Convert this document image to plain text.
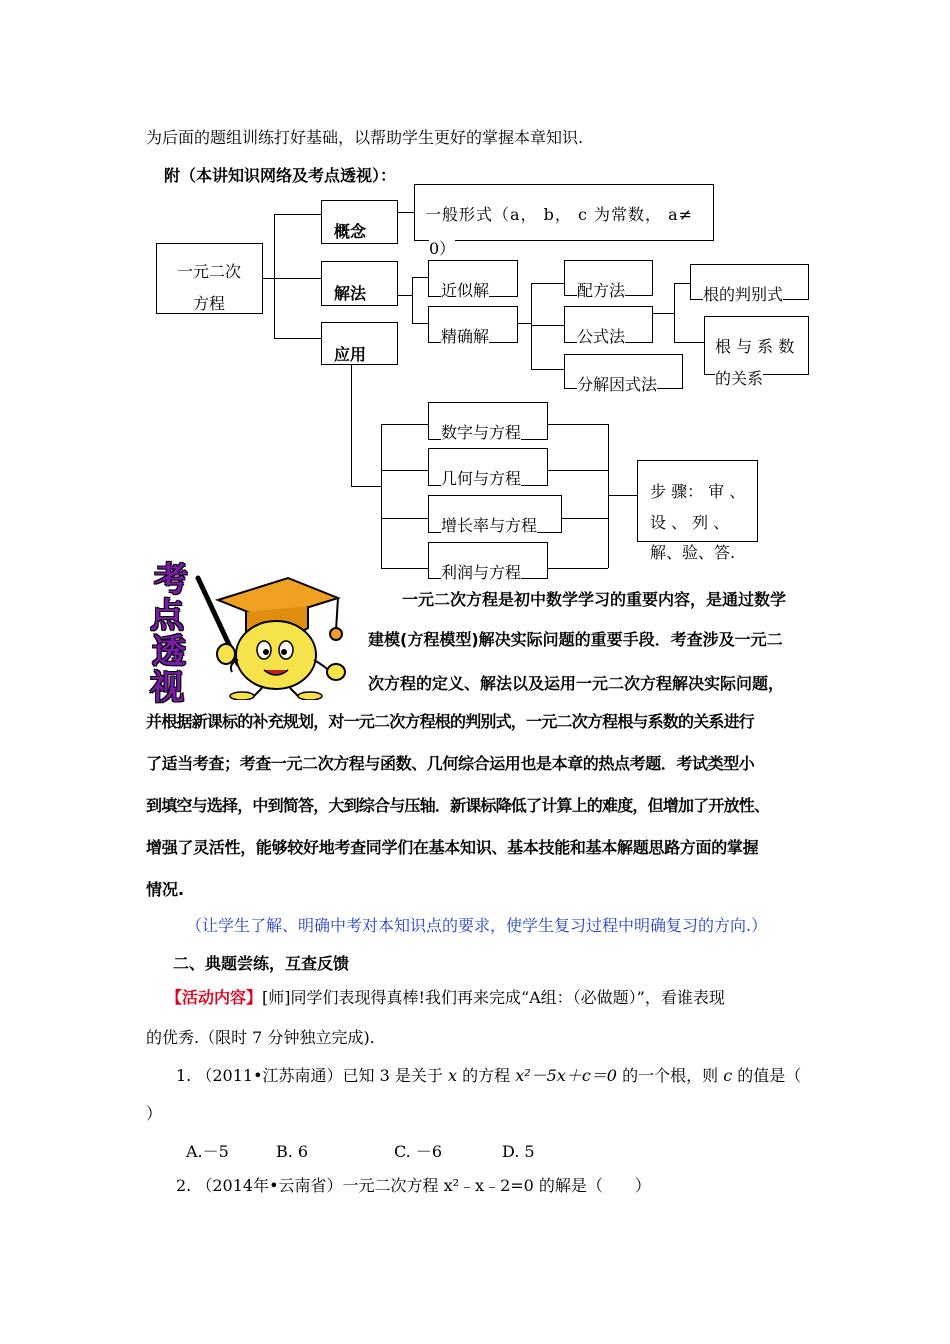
为后面的题组训练打好基础，以帮助学生更好的掌握本章知识.
附（本讲知识网络及考点透视）：
一元二次
方程
概念
一般形式（a， b， c 为常数， a≠
0）
解法	近似解
精确解
配方法
公式法
分解因式法
根的判别式
根 与 系 数
的关系
应用
数字与方程
几何与方程
增长率与方程
利润与方程
步 骤： 审 、
设 、 列 、
解、验、答.
考
点
透
视
一元二次方程是初中数学学习的重要内容，是通过数学
建模(方程模型)解决实际问题的重要手段．考查涉及一元二
次方程的定义、解法以及运用一元二次方程解决实际问题，
并根据新课标的补充规划，对一元二次方程根的判别式，一元二次方程根与系数的关系进行
了适当考查；考查一元二次方程与函数、几何综合运用也是本章的热点考题．考试类型小
到填空与选择，中到简答，大到综合与压轴．新课标降低了计算上的难度，但增加了开放性、
增强了灵活性，能够较好地考查同学们在基本知识、基本技能和基本解题思路方面的掌握
情况.
（让学生了解、明确中考对本知识点的要求，使学生复习过程中明确复习的方向.）
二、典题尝练，互查反馈
【活动内容】[师]同学们表现得真棒!我们再来完成“A组：（必做题）”，看谁表现
的优秀.（限时 7 分钟独立完成).
1. （2011•江苏南通）已知 3 是关于 x 的方程 x²－5x＋c＝0 的一个根，则 c 的值是（
）
A.－5	B. 6	C. －6	D. 5
2. （2014年•云南省）一元二次方程 x²﹣x﹣2=0 的解是（　　）
